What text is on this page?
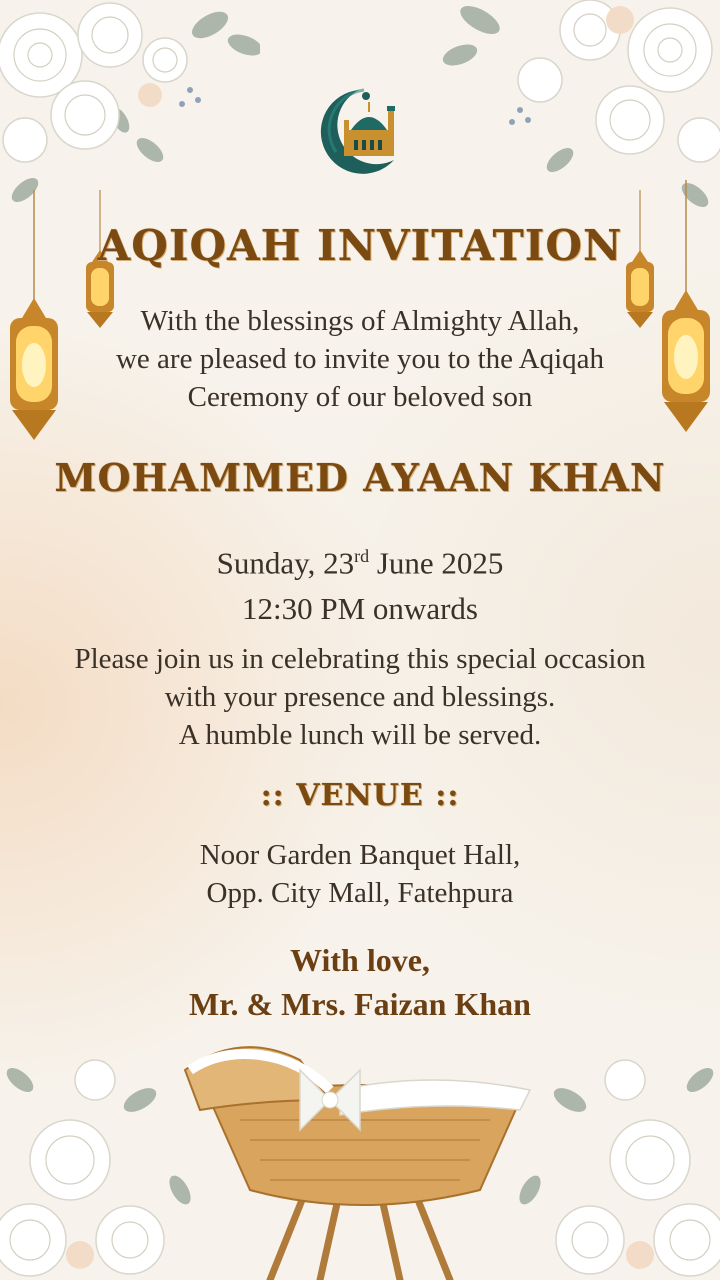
AQIQAH INVITATION
With the blessings of Almighty Allah,
we are pleased to invite you to the Aqiqah
Ceremony of our beloved son
MOHAMMED AYAAN KHAN
Sunday, 23rd June 2025
12:30 PM onwards
Please join us in celebrating this special occasion
with your presence and blessings.
A humble lunch will be served.
:: VENUE ::
Noor Garden Banquet Hall,
Opp. City Mall, Fatehpura
With love,
Mr. & Mrs. Faizan Khan
